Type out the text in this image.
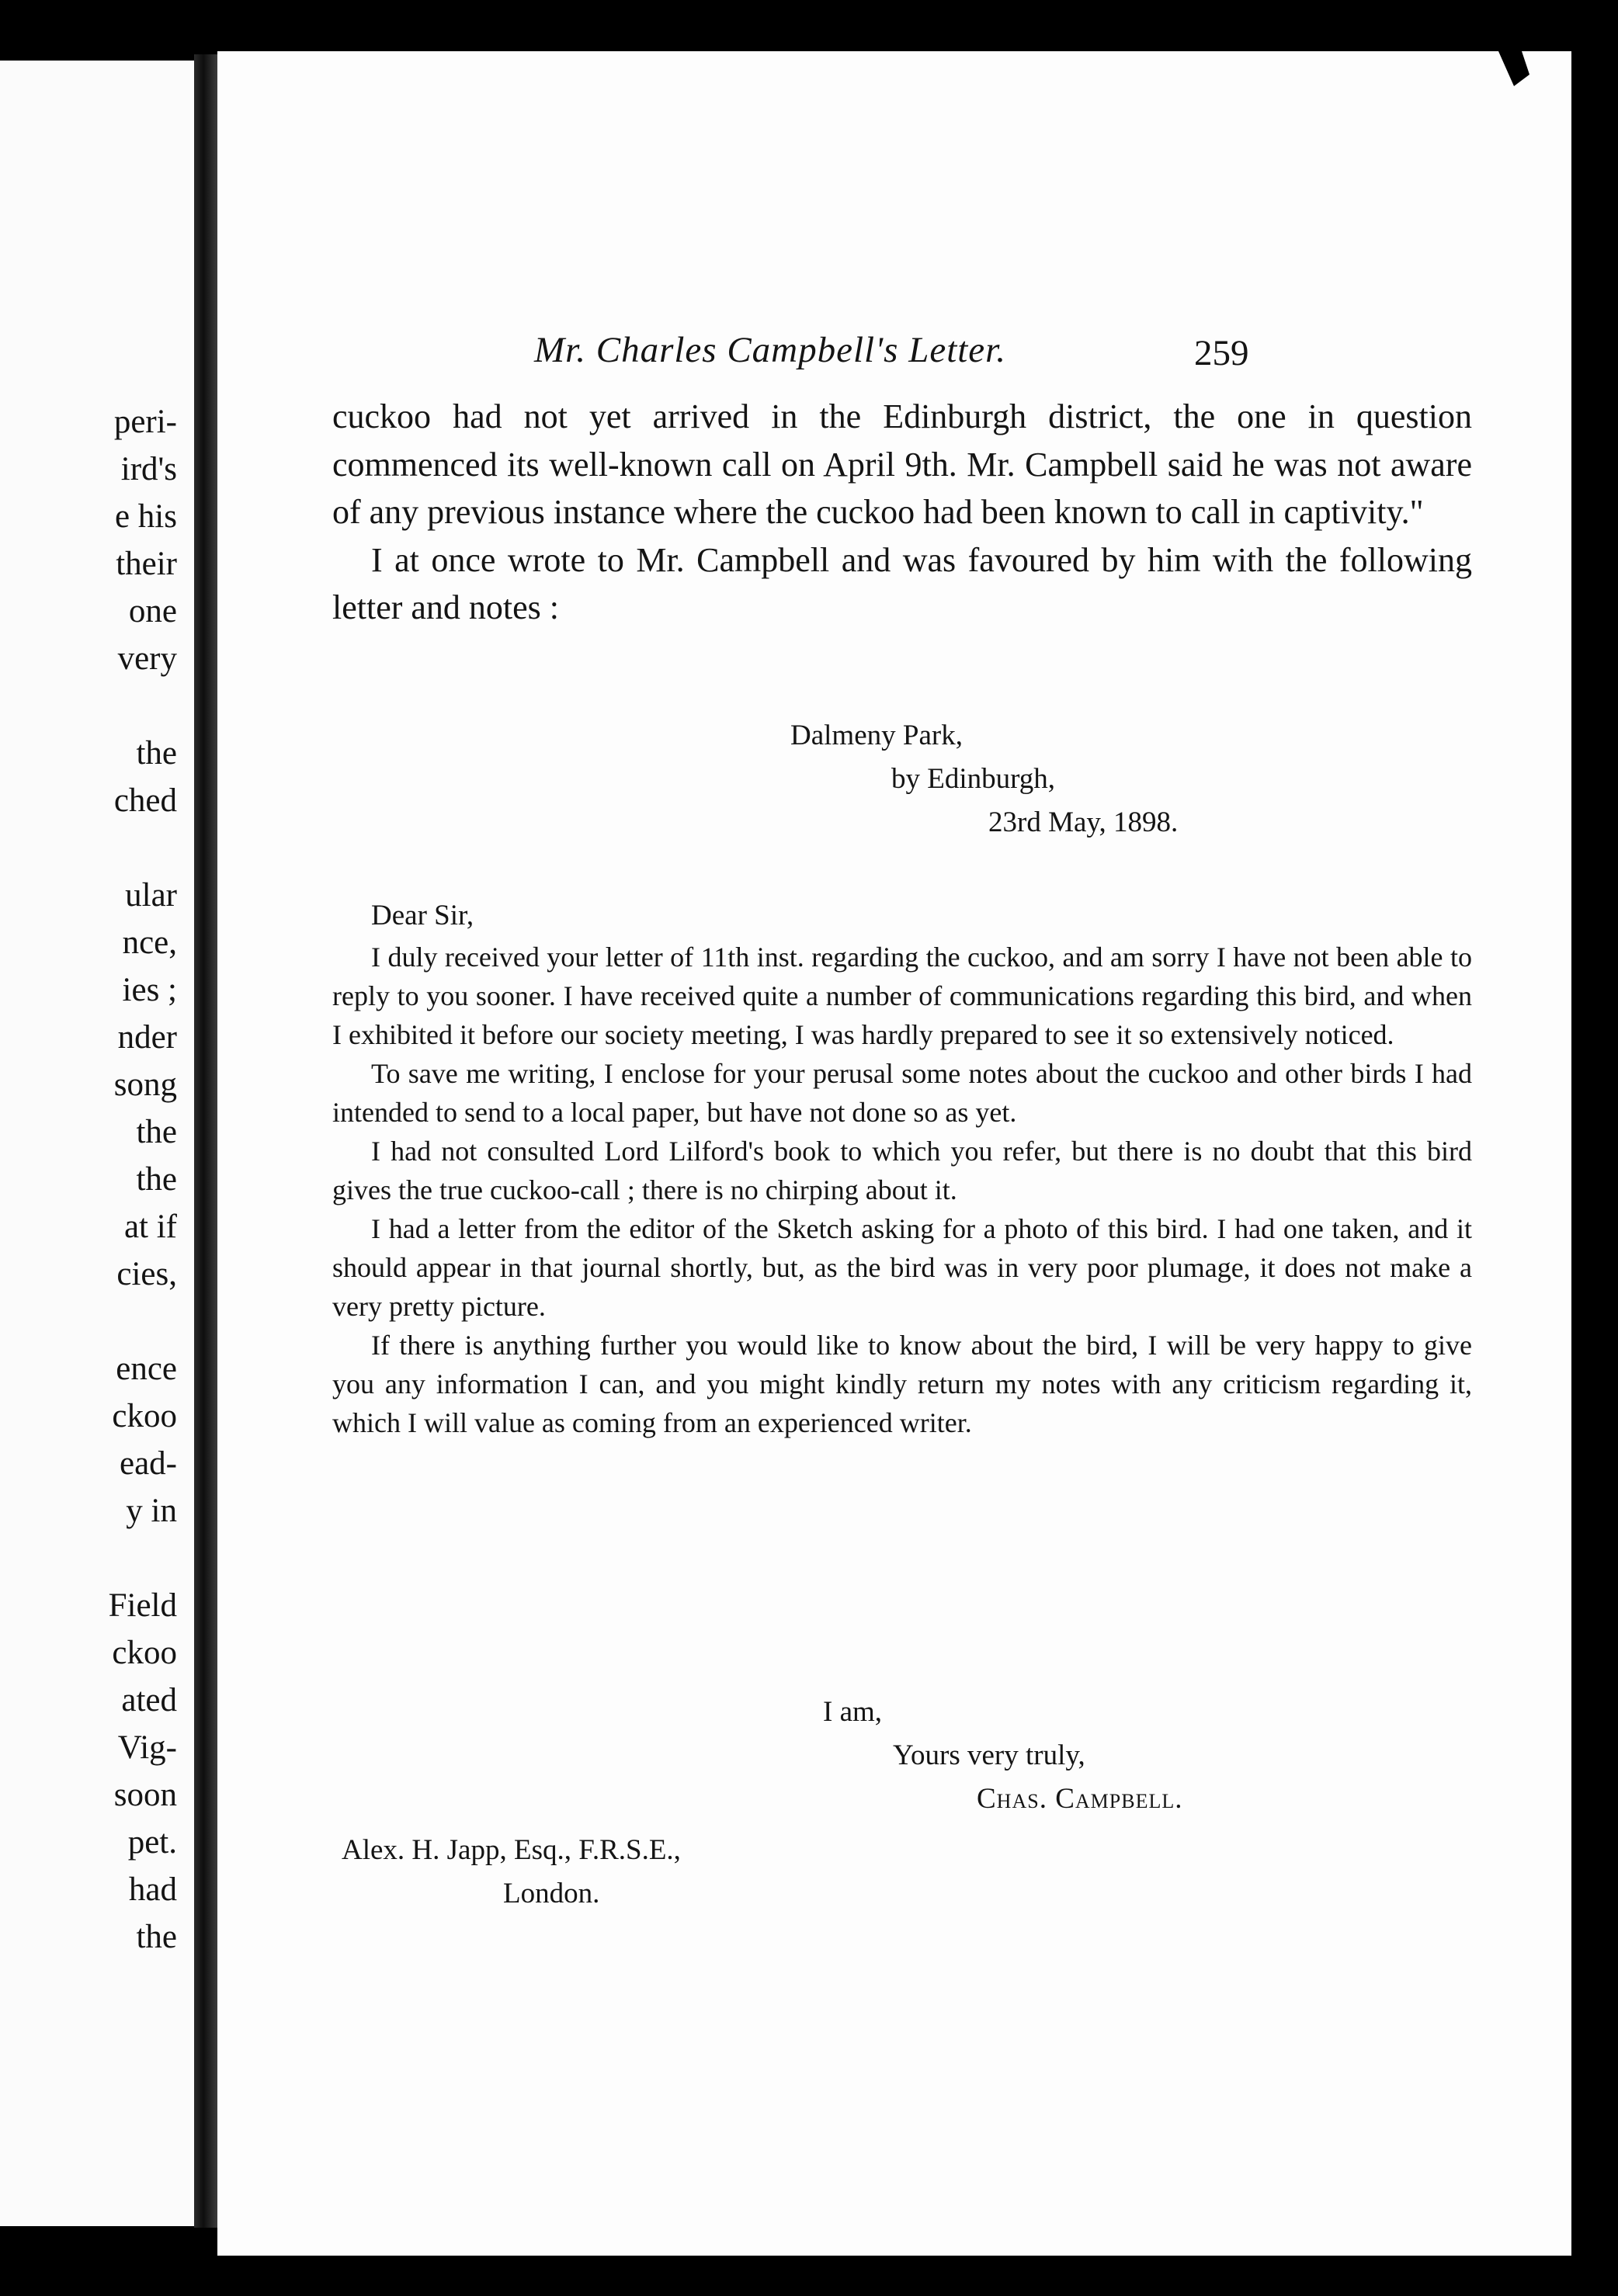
peri-
ird's
e his
their
one
very
the
ched
ular
nce,
ies ;
nder
song
the
the
at if
cies,
ence
ckoo
ead-
y in
Field
ckoo
ated
Vig-
soon
pet.
had
the
Mr. Charles Campbell's Letter.	259

cuckoo had not yet arrived in the Edinburgh district, the one in question commenced its well-known call on April 9th. Mr. Campbell said he was not aware of any previous instance where the cuckoo had been known to call in captivity."

I at once wrote to Mr. Campbell and was favoured by him with the following letter and notes :

Dalmeny Park,
by Edinburgh,
23rd May, 1898.
Dear Sir,

I duly received your letter of 11th inst. regarding the cuckoo, and am sorry I have not been able to reply to you sooner. I have received quite a number of communications regarding this bird, and when I exhibited it before our society meeting, I was hardly prepared to see it so extensively noticed.

To save me writing, I enclose for your perusal some notes about the cuckoo and other birds I had intended to send to a local paper, but have not done so as yet.

I had not consulted Lord Lilford's book to which you refer, but there is no doubt that this bird gives the true cuckoo-call ; there is no chirping about it.

I had a letter from the editor of the Sketch asking for a photo of this bird. I had one taken, and it should appear in that journal shortly, but, as the bird was in very poor plumage, it does not make a very pretty picture.

If there is anything further you would like to know about the bird, I will be very happy to give you any information I can, and you might kindly return my notes with any criticism regarding it, which I will value as coming from an experienced writer.

I am,
Yours very truly,
Chas. Campbell.
Alex. H. Japp, Esq., F.R.S.E.,
London.
